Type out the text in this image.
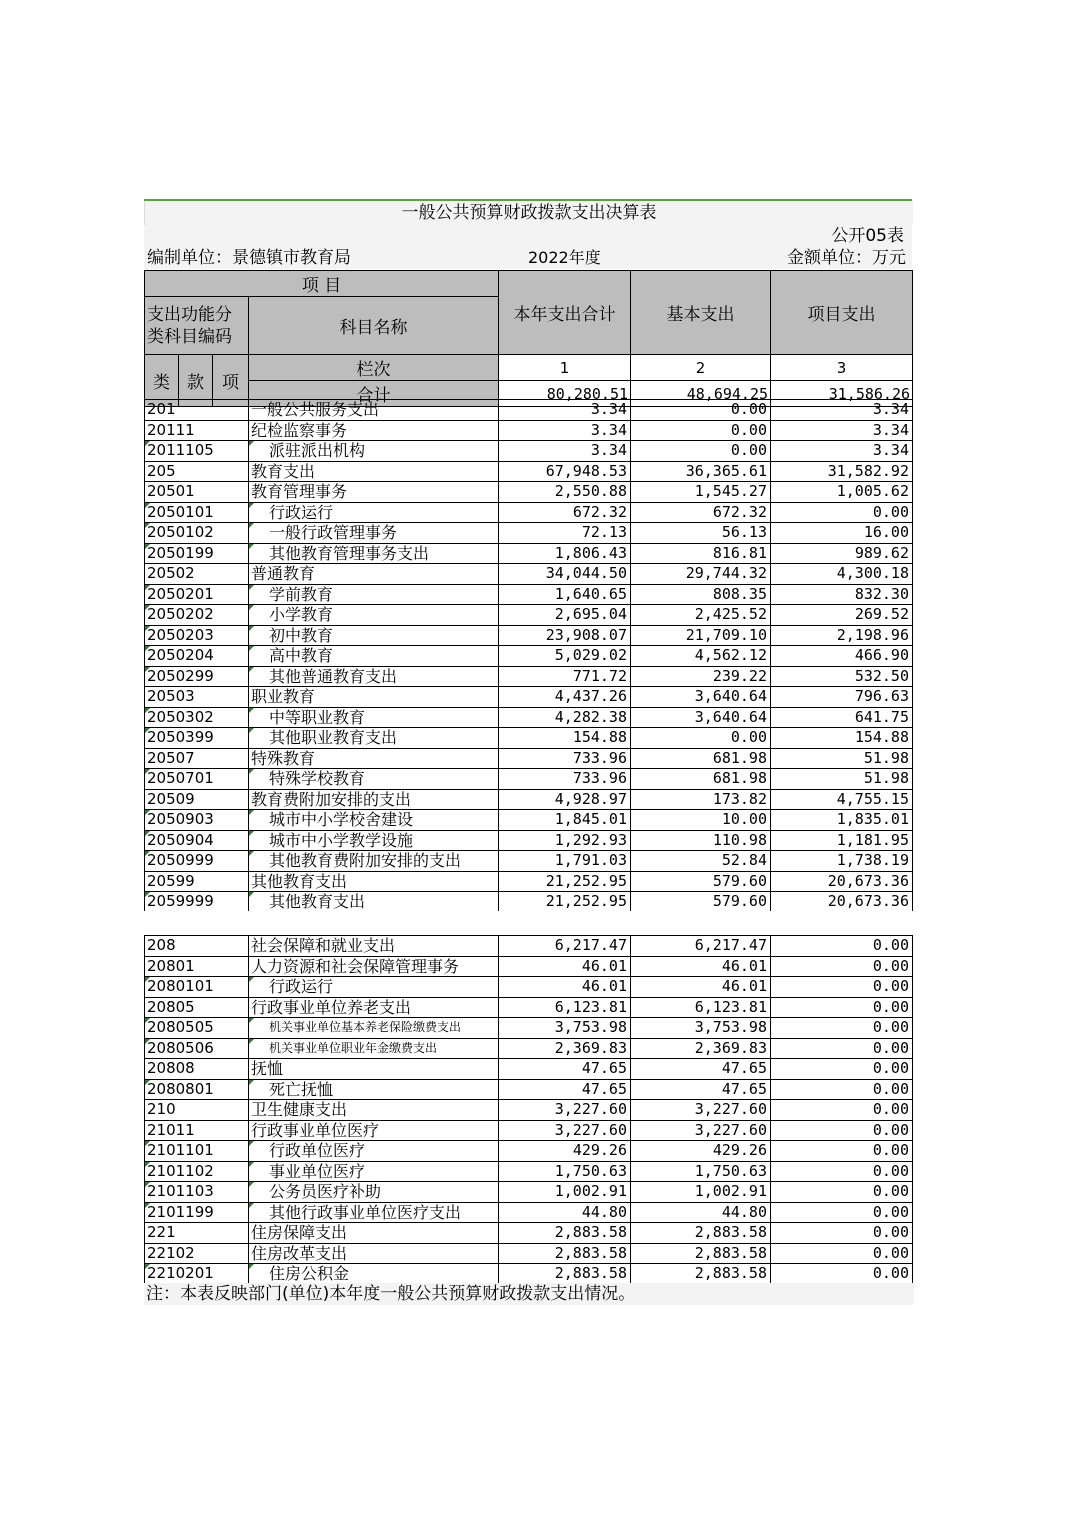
一般公共预算财政拨款支出决算表
公开05表
编制单位：景德镇市教育局	2022年度	金额单位：万元
项 目				本年支出合计	基本支出	项目支出
支出功能分类科目编码			科目名称			
类	款	项	栏次	1	2	3
			合计	80,280.51	48,694.25	31,586.26
201	一般公共服务支出	3.34	0.00	3.34
20111	纪检监察事务	3.34	0.00	3.34
2011105	派驻派出机构	3.34	0.00	3.34
205	教育支出	67,948.53	36,365.61	31,582.92
20501	教育管理事务	2,550.88	1,545.27	1,005.62
2050101	行政运行	672.32	672.32	0.00
2050102	一般行政管理事务	72.13	56.13	16.00
2050199	其他教育管理事务支出	1,806.43	816.81	989.62
20502	普通教育	34,044.50	29,744.32	4,300.18
2050201	学前教育	1,640.65	808.35	832.30
2050202	小学教育	2,695.04	2,425.52	269.52
2050203	初中教育	23,908.07	21,709.10	2,198.96
2050204	高中教育	5,029.02	4,562.12	466.90
2050299	其他普通教育支出	771.72	239.22	532.50
20503	职业教育	4,437.26	3,640.64	796.63
2050302	中等职业教育	4,282.38	3,640.64	641.75
2050399	其他职业教育支出	154.88	0.00	154.88
20507	特殊教育	733.96	681.98	51.98
2050701	特殊学校教育	733.96	681.98	51.98
20509	教育费附加安排的支出	4,928.97	173.82	4,755.15
2050903	城市中小学校舍建设	1,845.01	10.00	1,835.01
2050904	城市中小学教学设施	1,292.93	110.98	1,181.95
2050999	其他教育费附加安排的支出	1,791.03	52.84	1,738.19
20599	其他教育支出	21,252.95	579.60	20,673.36
2059999	其他教育支出	21,252.95	579.60	20,673.36
208	社会保障和就业支出	6,217.47	6,217.47	0.00
20801	人力资源和社会保障管理事务	46.01	46.01	0.00
2080101	行政运行	46.01	46.01	0.00
20805	行政事业单位养老支出	6,123.81	6,123.81	0.00
2080505	机关事业单位基本养老保险缴费支出	3,753.98	3,753.98	0.00
2080506	机关事业单位职业年金缴费支出	2,369.83	2,369.83	0.00
20808	抚恤	47.65	47.65	0.00
2080801	死亡抚恤	47.65	47.65	0.00
210	卫生健康支出	3,227.60	3,227.60	0.00
21011	行政事业单位医疗	3,227.60	3,227.60	0.00
2101101	行政单位医疗	429.26	429.26	0.00
2101102	事业单位医疗	1,750.63	1,750.63	0.00
2101103	公务员医疗补助	1,002.91	1,002.91	0.00
2101199	其他行政事业单位医疗支出	44.80	44.80	0.00
221	住房保障支出	2,883.58	2,883.58	0.00
22102	住房改革支出	2,883.58	2,883.58	0.00
2210201	住房公积金	2,883.58	2,883.58	0.00
注：本表反映部门(单位)本年度一般公共预算财政拨款支出情况。
